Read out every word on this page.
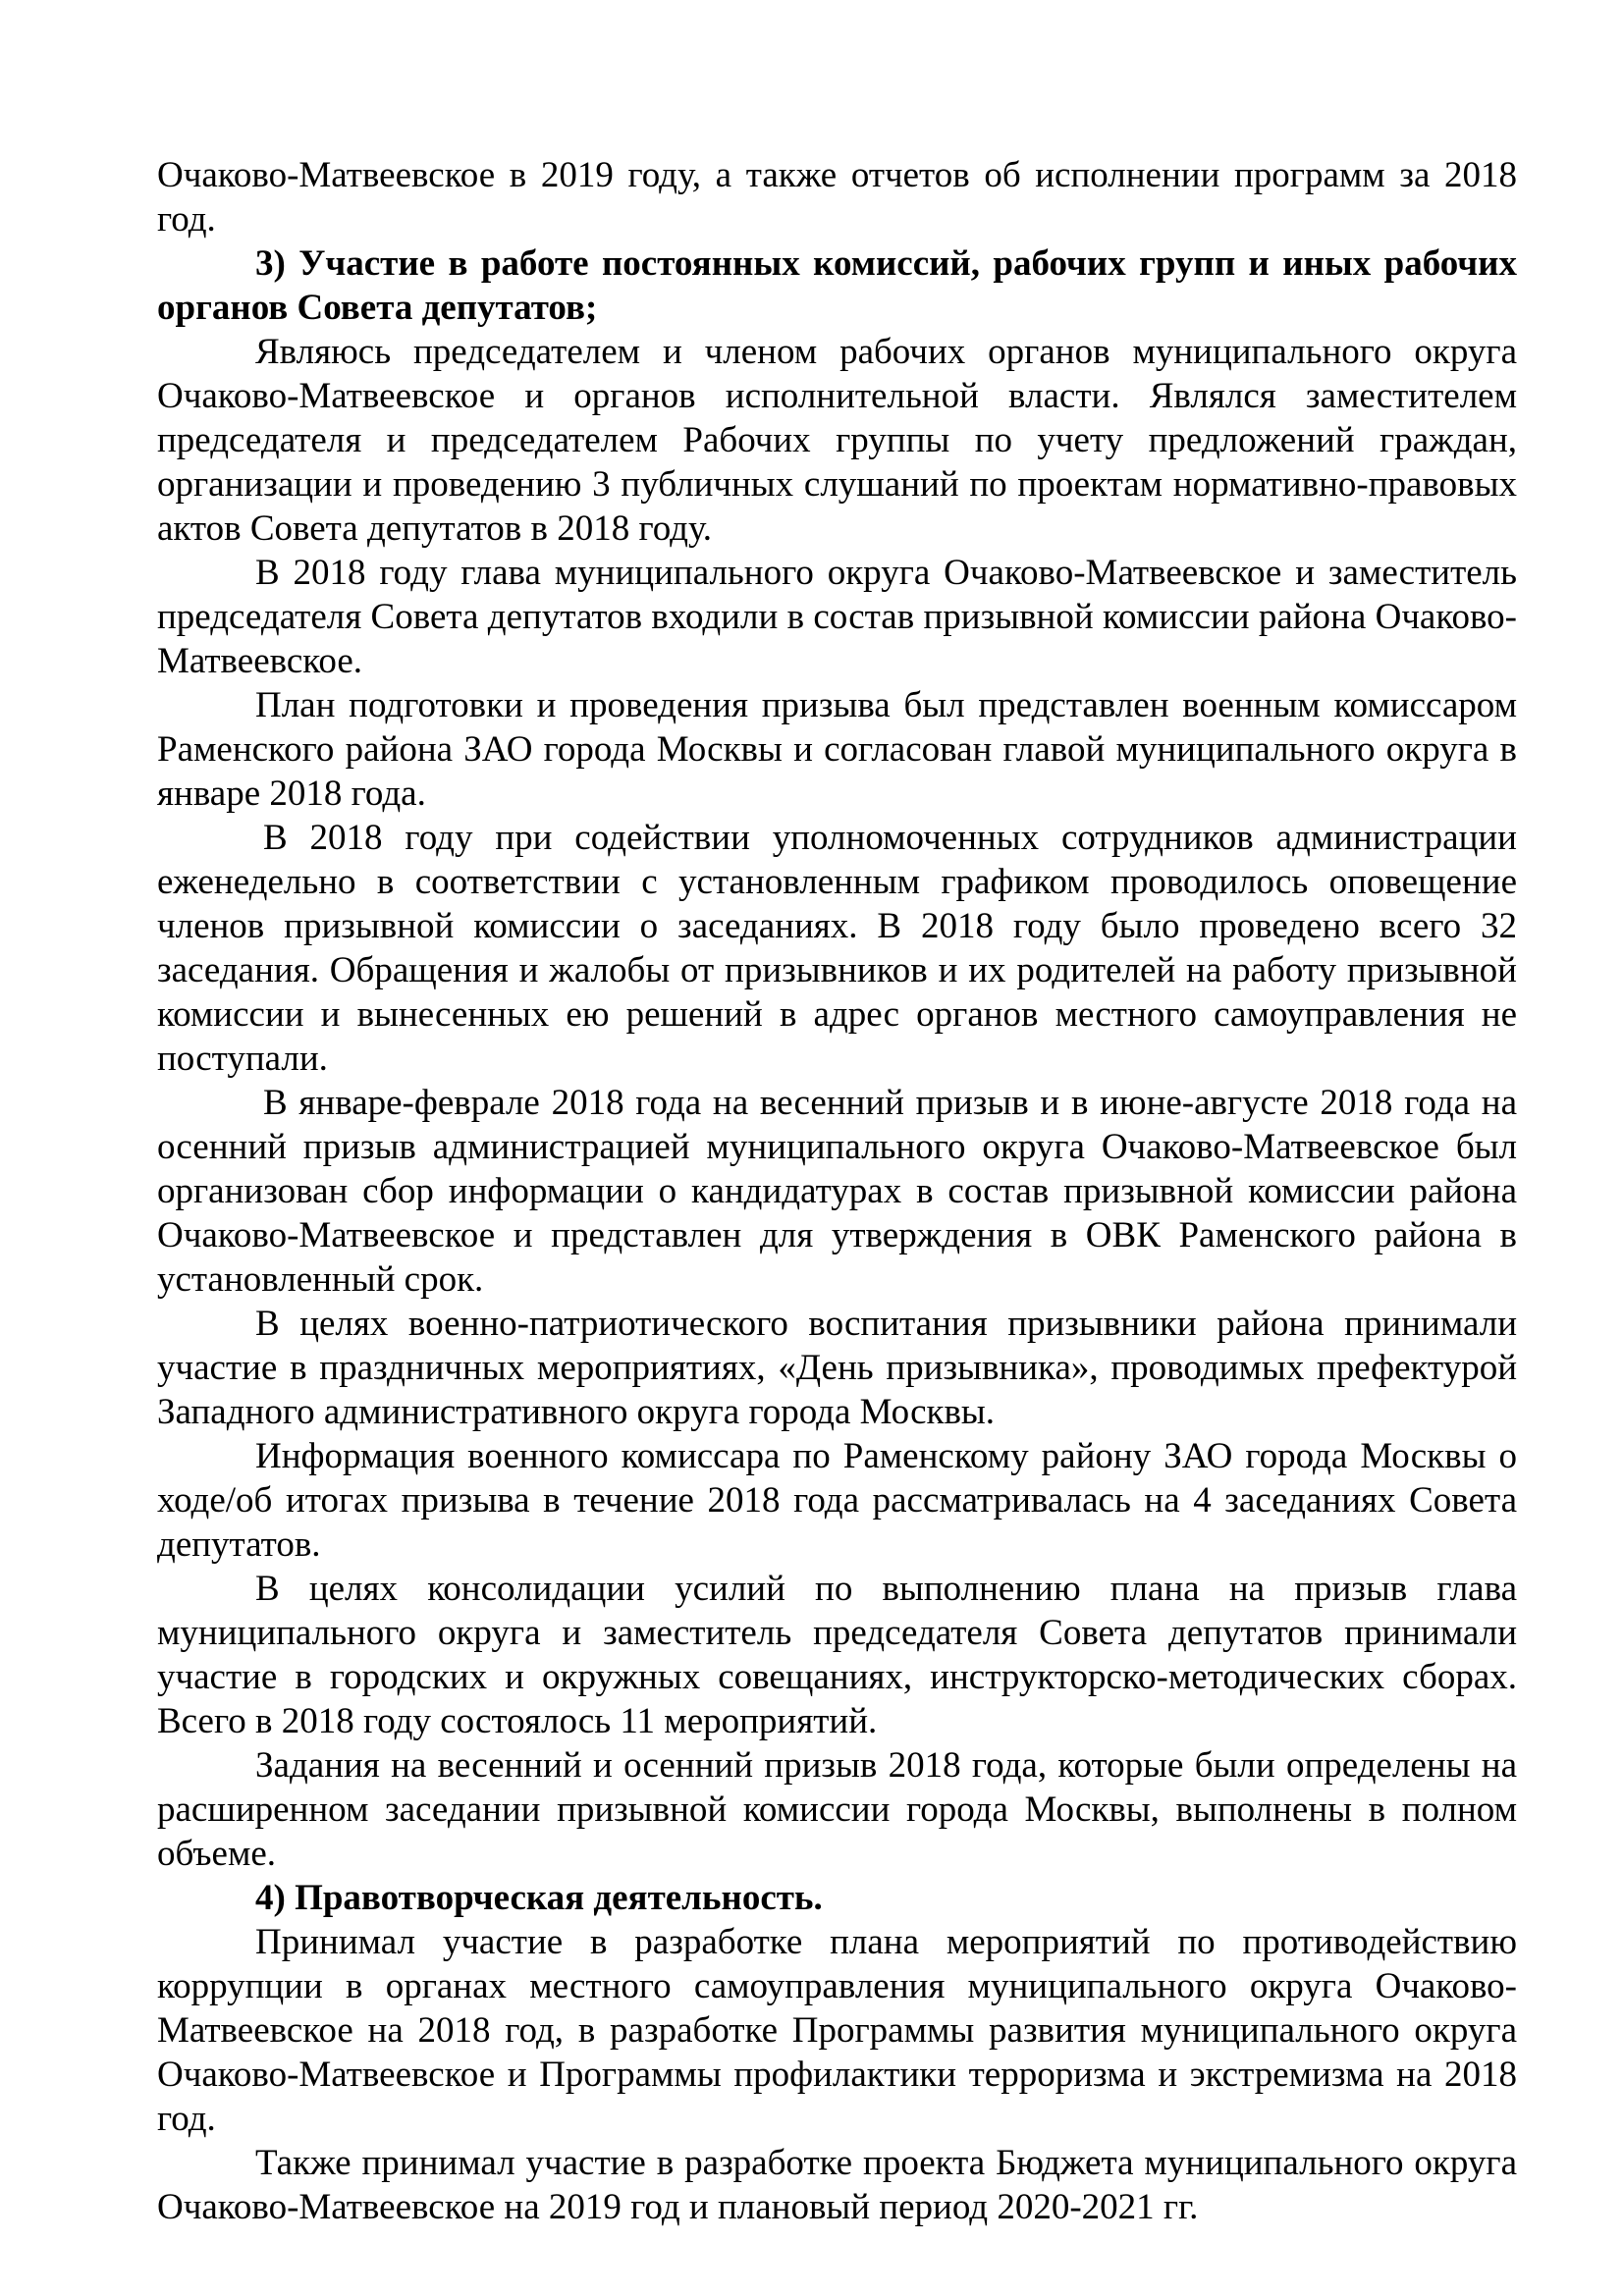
Очаково-Матвеевское в 2019 году, а также отчетов об исполнении программ за 2018 год.

3) Участие в работе постоянных комиссий, рабочих групп и иных рабочих органов Совета депутатов;

Являюсь председателем и членом рабочих органов муниципального округа Очаково-Матвеевское и органов исполнительной власти. Являлся заместителем председателя и председателем Рабочих группы по учету предложений граждан, организации и проведению 3 публичных слушаний по проектам нормативно-правовых актов Совета депутатов в 2018 году.

В 2018 году глава муниципального округа Очаково-Матвеевское и заместитель председателя Совета депутатов входили в состав призывной комиссии района Очаково-Матвеевское.

План подготовки и проведения призыва был представлен военным комиссаром Раменского района ЗАО города Москвы и согласован главой муниципального округа в январе 2018 года.

В 2018 году при содействии уполномоченных сотрудников администрации еженедельно в соответствии с установленным графиком проводилось оповещение членов призывной комиссии о заседаниях. В 2018 году было проведено всего 32 заседания. Обращения и жалобы от призывников и их родителей на работу призывной комиссии и вынесенных ею решений в адрес органов местного самоуправления не поступали.

В январе-феврале 2018 года на весенний призыв и в июне-августе 2018 года на осенний призыв администрацией муниципального округа Очаково-Матвеевское был организован сбор информации о кандидатурах в состав призывной комиссии района Очаково-Матвеевское и представлен для утверждения в ОВК Раменского района в установленный срок.

В целях военно-патриотического воспитания призывники района принимали участие в праздничных мероприятиях, «День призывника», проводимых префектурой Западного административного округа города Москвы.

Информация военного комиссара по Раменскому району ЗАО города Москвы о ходе/об итогах призыва в течение 2018 года рассматривалась на 4 заседаниях Совета депутатов.

В целях консолидации усилий по выполнению плана на призыв глава муниципального округа и заместитель председателя Совета депутатов принимали участие в городских и окружных совещаниях, инструкторско-методических сборах. Всего в 2018 году состоялось 11 мероприятий.

Задания на весенний и осенний призыв 2018 года, которые были определены на расширенном заседании призывной комиссии города Москвы, выполнены в полном объеме.

4) Правотворческая деятельность.

Принимал участие в разработке плана мероприятий по противодействию коррупции в органах местного самоуправления муниципального округа Очаково-Матвеевское на 2018 год, в разработке Программы развития муниципального округа Очаково-Матвеевское и Программы профилактики терроризма и экстремизма на 2018 год.

Также принимал участие в разработке проекта Бюджета муниципального округа Очаково-Матвеевское на 2019 год и плановый период 2020-2021 гг.
